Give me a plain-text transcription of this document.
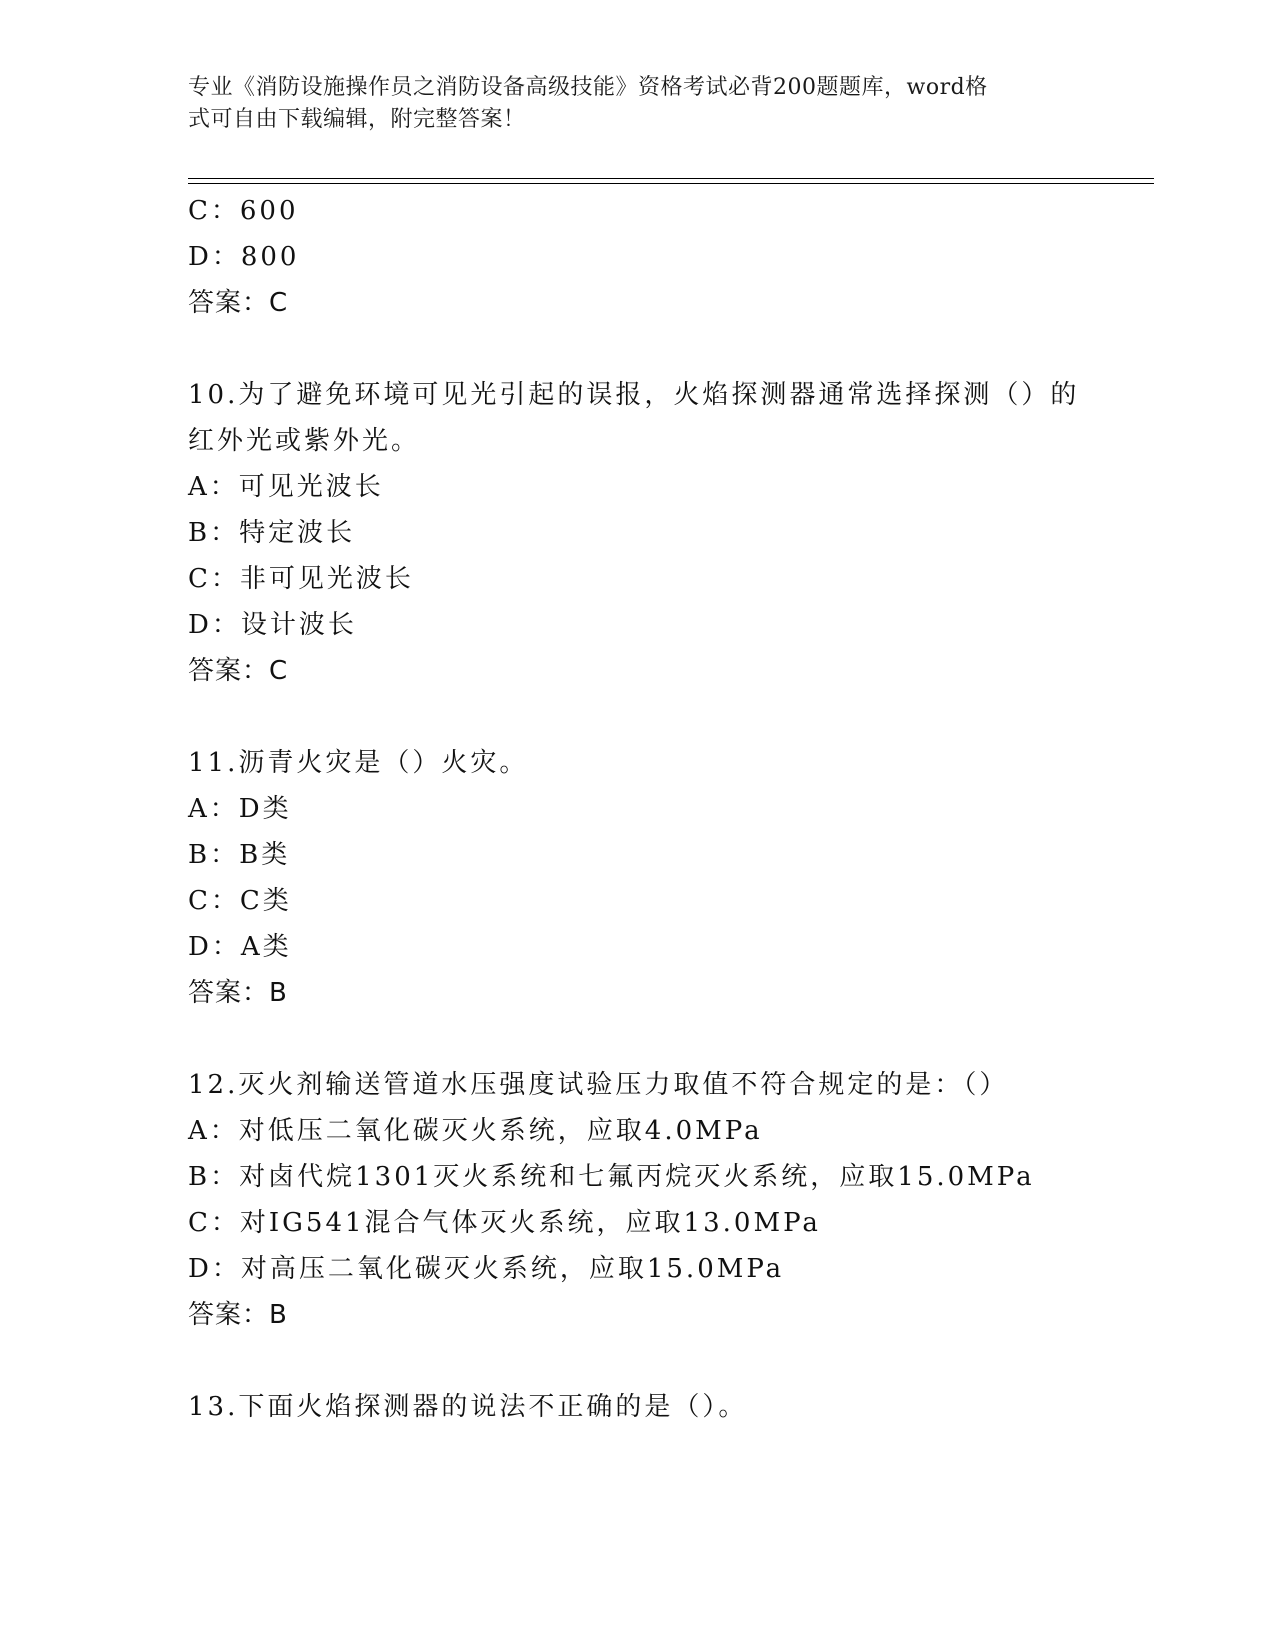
专业《消防设施操作员之消防设备高级技能》资格考试必背200题题库，word格
式可自由下载编辑，附完整答案！
C：600
D：800
答案：C
10.为了避免环境可见光引起的误报，火焰探测器通常选择探测（）的
红外光或紫外光。
A：可见光波长
B：特定波长
C：非可见光波长
D：设计波长
答案：C
11.沥青火灾是（）火灾。
A：D类
B：B类
C：C类
D：A类
答案：B
12.灭火剂输送管道水压强度试验压力取值不符合规定的是：（）
A：对低压二氧化碳灭火系统，应取4.0MPa
B：对卤代烷1301灭火系统和七氟丙烷灭火系统，应取15.0MPa
C：对IG541混合气体灭火系统，应取13.0MPa
D：对高压二氧化碳灭火系统，应取15.0MPa
答案：B
13.下面火焰探测器的说法不正确的是（）。
